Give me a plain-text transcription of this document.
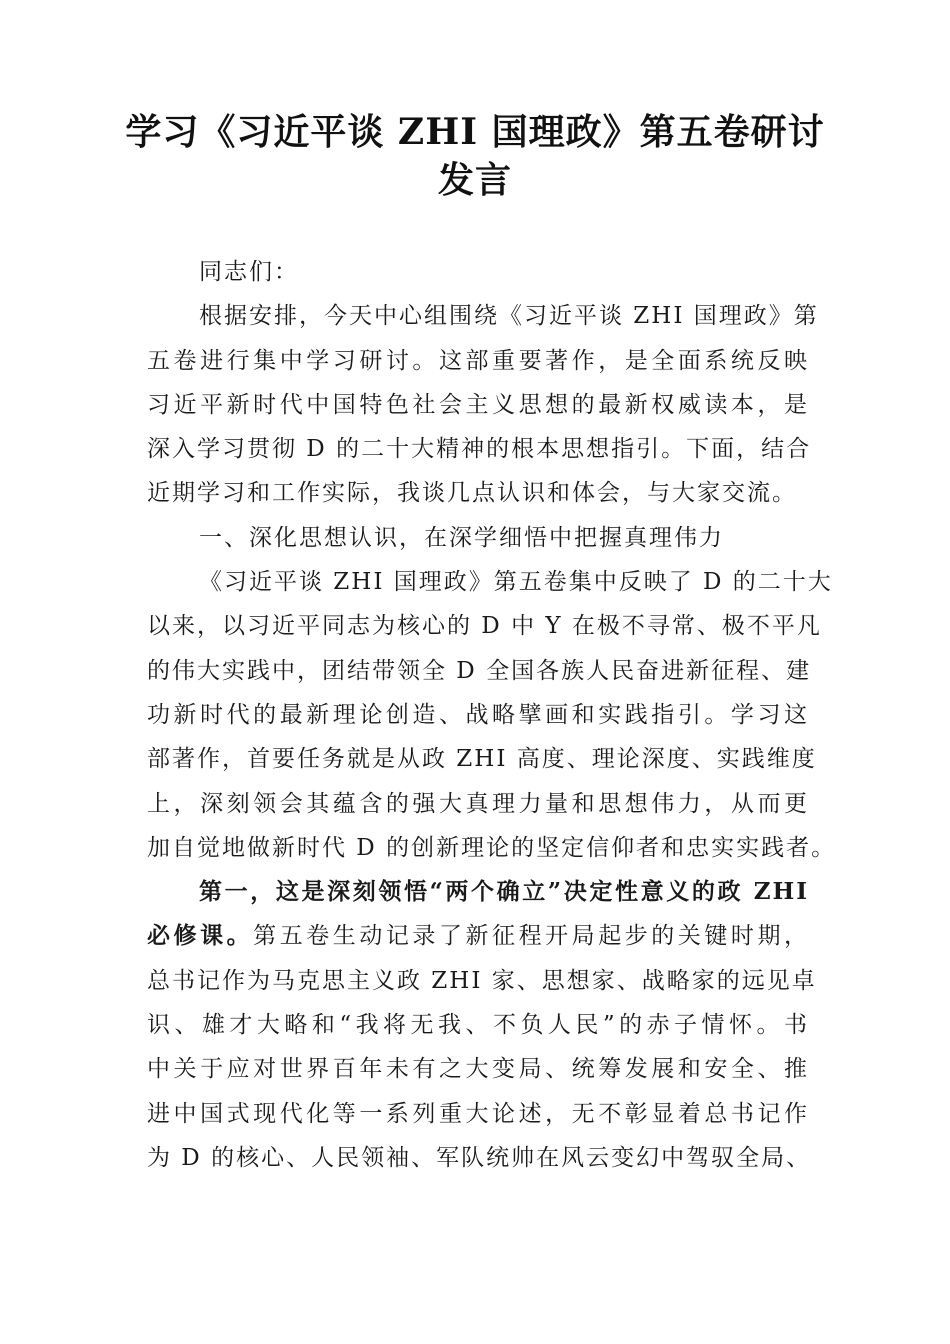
学习《习近平谈 ZHI 国理政》第五卷研讨
发言
同志们：
根据安排，今天中心组围绕《习近平谈 ZHI 国理政》第
五卷进行集中学习研讨。这部重要著作，是全面系统反映
习近平新时代中国特色社会主义思想的最新权威读本，是
深入学习贯彻 D 的二十大精神的根本思想指引。下面，结合
近期学习和工作实际，我谈几点认识和体会，与大家交流。
一、深化思想认识，在深学细悟中把握真理伟力
《习近平谈 ZHI 国理政》第五卷集中反映了 D 的二十大
以来，以习近平同志为核心的 D 中 Y 在极不寻常、极不平凡
的伟大实践中，团结带领全 D 全国各族人民奋进新征程、建
功新时代的最新理论创造、战略擘画和实践指引。学习这
部著作，首要任务就是从政 ZHI 高度、理论深度、实践维度
上，深刻领会其蕴含的强大真理力量和思想伟力，从而更
加自觉地做新时代 D 的创新理论的坚定信仰者和忠实实践者。
第一，这是深刻领悟“两个确立”决定性意义的政 ZHI
必修课。第五卷生动记录了新征程开局起步的关键时期，
总书记作为马克思主义政 ZHI 家、思想家、战略家的远见卓
识、雄才大略和“我将无我、不负人民”的赤子情怀。书
中关于应对世界百年未有之大变局、统筹发展和安全、推
进中国式现代化等一系列重大论述，无不彰显着总书记作
为 D 的核心、人民领袖、军队统帅在风云变幻中驾驭全局、
